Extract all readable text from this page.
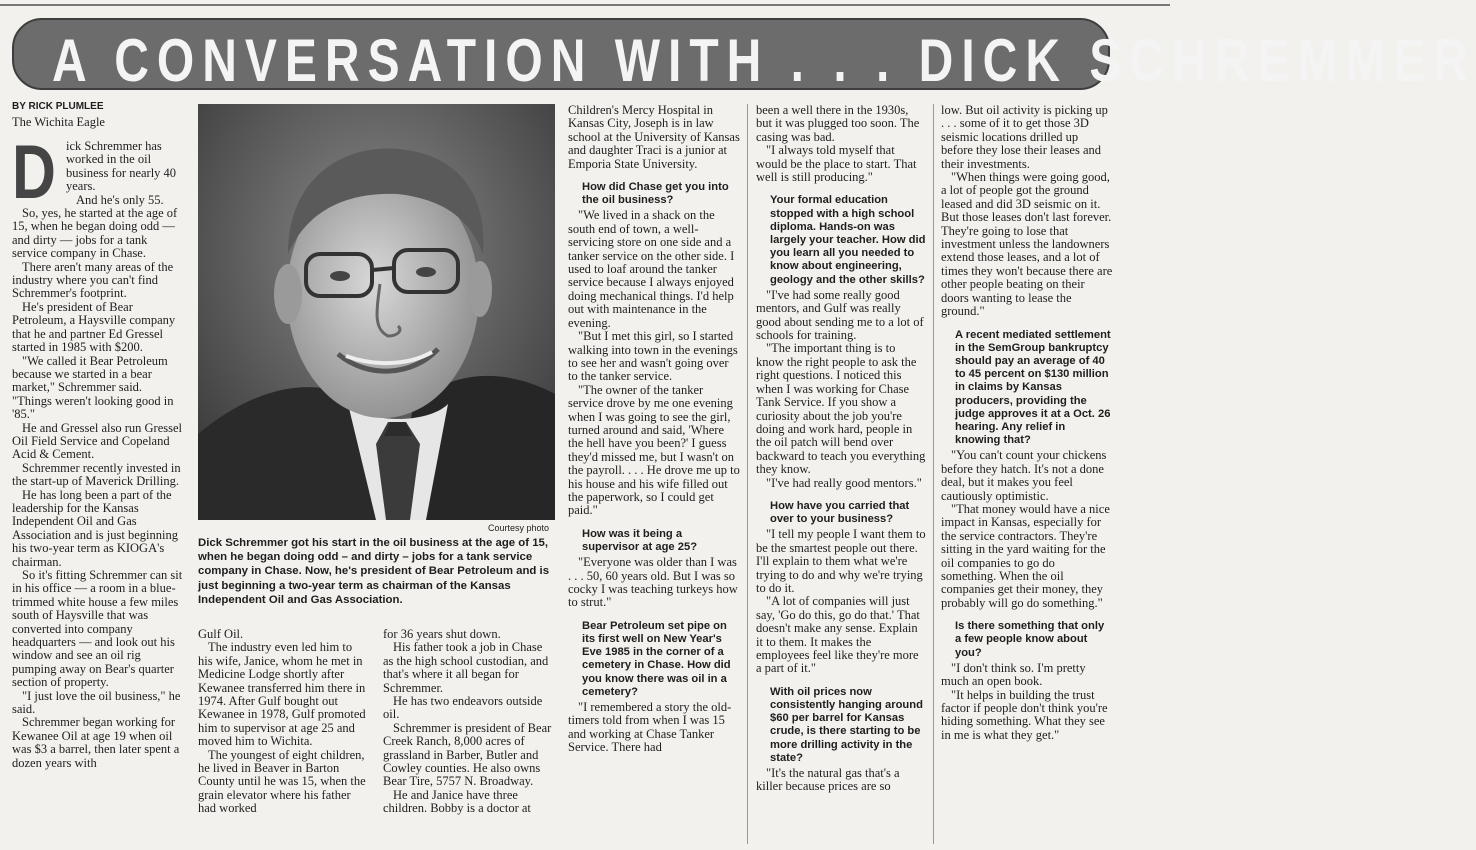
A CONVERSATION WITH . . . DICK SCHREMMER
BY RICK PLUMLEE
The Wichita Eagle
Courtesy photo
Dick Schremmer got his start in the oil business at the age of 15, when he began doing odd – and dirty – jobs for a tank service company in Chase. Now, he's president of Bear Petroleum and is just beginning a two-year term as chairman of the Kansas Independent Oil and Gas Association.

Dick Schremmer has worked in the oil business for nearly 40 years.

And he's only 55.

So, yes, he started at the age of 15, when he began doing odd — and dirty — jobs for a tank service company in Chase.

There aren't many areas of the industry where you can't find Schremmer's footprint.

He's president of Bear Petroleum, a Haysville company that he and partner Ed Gressel started in 1985 with $200.

"We called it Bear Petroleum because we started in a bear market," Schremmer said. "Things weren't looking good in '85."

He and Gressel also run Gressel Oil Field Service and Copeland Acid & Cement.

Schremmer recently invested in the start-up of Maverick Drilling.

He has long been a part of the leadership for the Kansas Independent Oil and Gas Association and is just beginning his two-year term as KIOGA's chairman.

So it's fitting Schremmer can sit in his office — a room in a blue-trimmed white house a few miles south of Haysville that was converted into company headquarters — and look out his window and see an oil rig pumping away on Bear's quarter section of property.

"I just love the oil business," he said.

Schremmer began working for Kewanee Oil at age 19 when oil was $3 a barrel, then later spent a dozen years with

Gulf Oil.

The industry even led him to his wife, Janice, whom he met in Medicine Lodge shortly after Kewanee transferred him there in 1974. After Gulf bought out Kewanee in 1978, Gulf promoted him to supervisor at age 25 and moved him to Wichita.

The youngest of eight children, he lived in Beaver in Barton County until he was 15, when the grain elevator where his father had worked

for 36 years shut down.

His father took a job in Chase as the high school custodian, and that's where it all began for Schremmer.

He has two endeavors outside oil.

Schremmer is president of Bear Creek Ranch, 8,000 acres of grassland in Barber, Butler and Cowley counties. He also owns Bear Tire, 5757 N. Broadway.

He and Janice have three children. Bobby is a doctor at

Children's Mercy Hospital in Kansas City, Joseph is in law school at the University of Kansas and daughter Traci is a junior at Emporia State University.

How did Chase get you into the oil business?

"We lived in a shack on the south end of town, a well-servicing store on one side and a tanker service on the other side. I used to loaf around the tanker service because I always enjoyed doing mechanical things. I'd help out with maintenance in the evening.

"But I met this girl, so I started walking into town in the evenings to see her and wasn't going over to the tanker service.

"The owner of the tanker service drove by me one evening when I was going to see the girl, turned around and said, 'Where the hell have you been?' I guess they'd missed me, but I wasn't on the payroll. . . . He drove me up to his house and his wife filled out the paperwork, so I could get paid."

How was it being a supervisor at age 25?

"Everyone was older than I was . . . 50, 60 years old. But I was so cocky I was teaching turkeys how to strut."

Bear Petroleum set pipe on its first well on New Year's Eve 1985 in the corner of a cemetery in Chase. How did you know there was oil in a cemetery?

"I remembered a story the old-timers told from when I was 15 and working at Chase Tanker Service. There had

been a well there in the 1930s, but it was plugged too soon. The casing was bad.

"I always told myself that would be the place to start. That well is still producing."

Your formal education stopped with a high school diploma. Hands-on was largely your teacher. How did you learn all you needed to know about engineering, geology and the other skills?

"I've had some really good mentors, and Gulf was really good about sending me to a lot of schools for training.

"The important thing is to know the right people to ask the right questions. I noticed this when I was working for Chase Tank Service. If you show a curiosity about the job you're doing and work hard, people in the oil patch will bend over backward to teach you everything they know.

"I've had really good mentors."

How have you carried that over to your business?

"I tell my people I want them to be the smartest people out there. I'll explain to them what we're trying to do and why we're trying to do it.

"A lot of companies will just say, 'Go do this, go do that.' That doesn't make any sense. Explain it to them. It makes the employees feel like they're more a part of it."

With oil prices now consistently hanging around $60 per barrel for Kansas crude, is there starting to be more drilling activity in the state?

"It's the natural gas that's a killer because prices are so

low. But oil activity is picking up . . . some of it to get those 3D seismic locations drilled up before they lose their leases and their investments.

"When things were going good, a lot of people got the ground leased and did 3D seismic on it. But those leases don't last forever. They're going to lose that investment unless the landowners extend those leases, and a lot of times they won't because there are other people beating on their doors wanting to lease the ground."

A recent mediated settlement in the SemGroup bankruptcy should pay an average of 40 to 45 percent on $130 million in claims by Kansas producers, providing the judge approves it at a Oct. 26 hearing. Any relief in knowing that?

"You can't count your chickens before they hatch. It's not a done deal, but it makes you feel cautiously optimistic.

"That money would have a nice impact in Kansas, especially for the service contractors. They're sitting in the yard waiting for the oil companies to go do something. When the oil companies get their money, they probably will go do something."

Is there something that only a few people know about you?

"I don't think so. I'm pretty much an open book.

"It helps in building the trust factor if people don't think you're hiding something. What they see in me is what they get."
